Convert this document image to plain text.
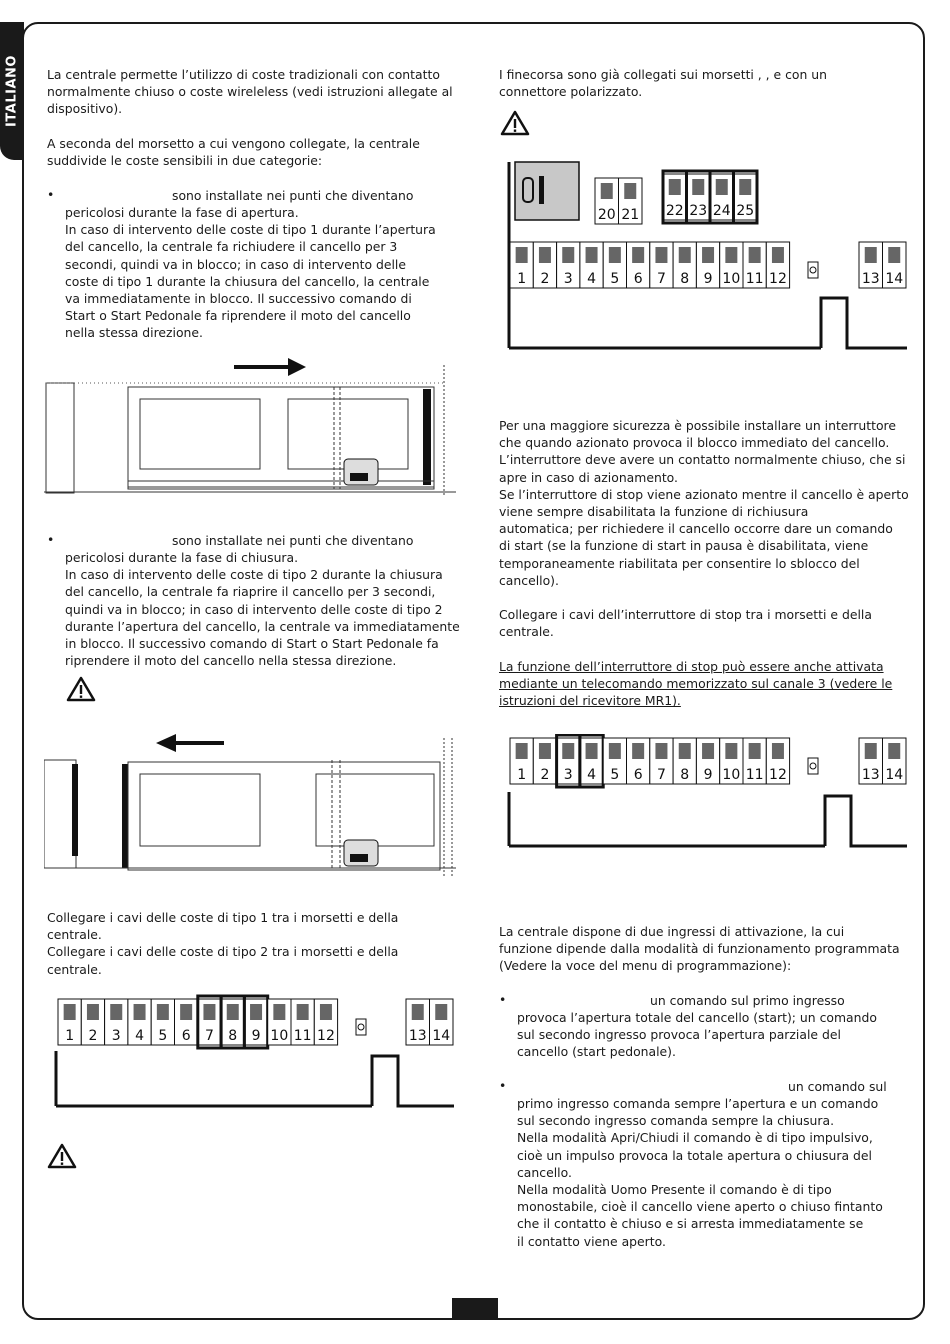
ITALIANO La centrale permette l’utilizzo di coste tradizionali con contatto

normalmente chiuso o coste wireleless (vedi istruzioni allegate al

dispositivo).

A seconda del morsetto a cui vengono collegate, la centrale

suddivide le coste sensibili in due categorie:

•	sono installate nei punti che diventano

pericolosi durante la fase di apertura.

In caso di intervento delle coste di tipo 1 durante l’apertura

del cancello, la centrale fa richiudere il cancello per 3

secondi, quindi va in blocco; in caso di intervento delle

coste di tipo 1 durante la chiusura del cancello, la centrale

va immediatamente in blocco. Il successivo comando di

Start o Start Pedonale fa riprendere il moto del cancello

nella stessa direzione.

•	sono installate nei punti che diventano

pericolosi durante la fase di chiusura.

In caso di intervento delle coste di tipo 2 durante la chiusura

del cancello, la centrale fa riaprire il cancello per 3 secondi,

quindi va in blocco; in caso di intervento delle coste di tipo 2

durante l’apertura del cancello, la centrale va immediatamente

in blocco. Il successivo comando di Start o Start Pedonale fa

riprendere il moto del cancello nella stessa direzione.

Collegare i cavi delle coste di tipo 1 tra i morsetti e della

centrale.

Collegare i cavi delle coste di tipo 2 tra i morsetti e della

centrale.

1 2 3 4 5 6 7 8 9 10 11 12	13 14

I finecorsa sono già collegati sui morsetti , , e con un

connettore polarizzato.

20 21 22 23 24 25
1 2 3 4 5 6 7 8 9 10 11 12	13 14

Per una maggiore sicurezza è possibile installare un interruttore

che quando azionato provoca il blocco immediato del cancello.

L’interruttore deve avere un contatto normalmente chiuso, che si

apre in caso di azionamento.

Se l’interruttore di stop viene azionato mentre il cancello è aperto

viene sempre disabilitata la funzione di richiusura

automatica; per richiedere il cancello occorre dare un comando

di start (se la funzione di start in pausa è disabilitata, viene

temporaneamente riabilitata per consentire lo sblocco del

cancello).

Collegare i cavi dell’interruttore di stop tra i morsetti e della

centrale.

La funzione dell’interruttore di stop può essere anche attivata

mediante un telecomando memorizzato sul canale 3 (vedere le

istruzioni del ricevitore MR1).

1 2 3 4 5 6 7 8 9 10 11 12	13 14

La centrale dispone di due ingressi di attivazione, la cui

funzione dipende dalla modalità di funzionamento programmata

(Vedere la voce del menu di programmazione):

•	un comando sul primo ingresso

provoca l’apertura totale del cancello (start); un comando

sul secondo ingresso provoca l’apertura parziale del

cancello (start pedonale).

•	un comando sul

primo ingresso comanda sempre l’apertura e un comando

sul secondo ingresso comanda sempre la chiusura.

Nella modalità Apri/Chiudi il comando è di tipo impulsivo,

cioè un impulso provoca la totale apertura o chiusura del

cancello.

Nella modalità Uomo Presente il comando è di tipo

monostabile, cioè il cancello viene aperto o chiuso fintanto

che il contatto è chiuso e si arresta immediatamente se

il contatto viene aperto.
